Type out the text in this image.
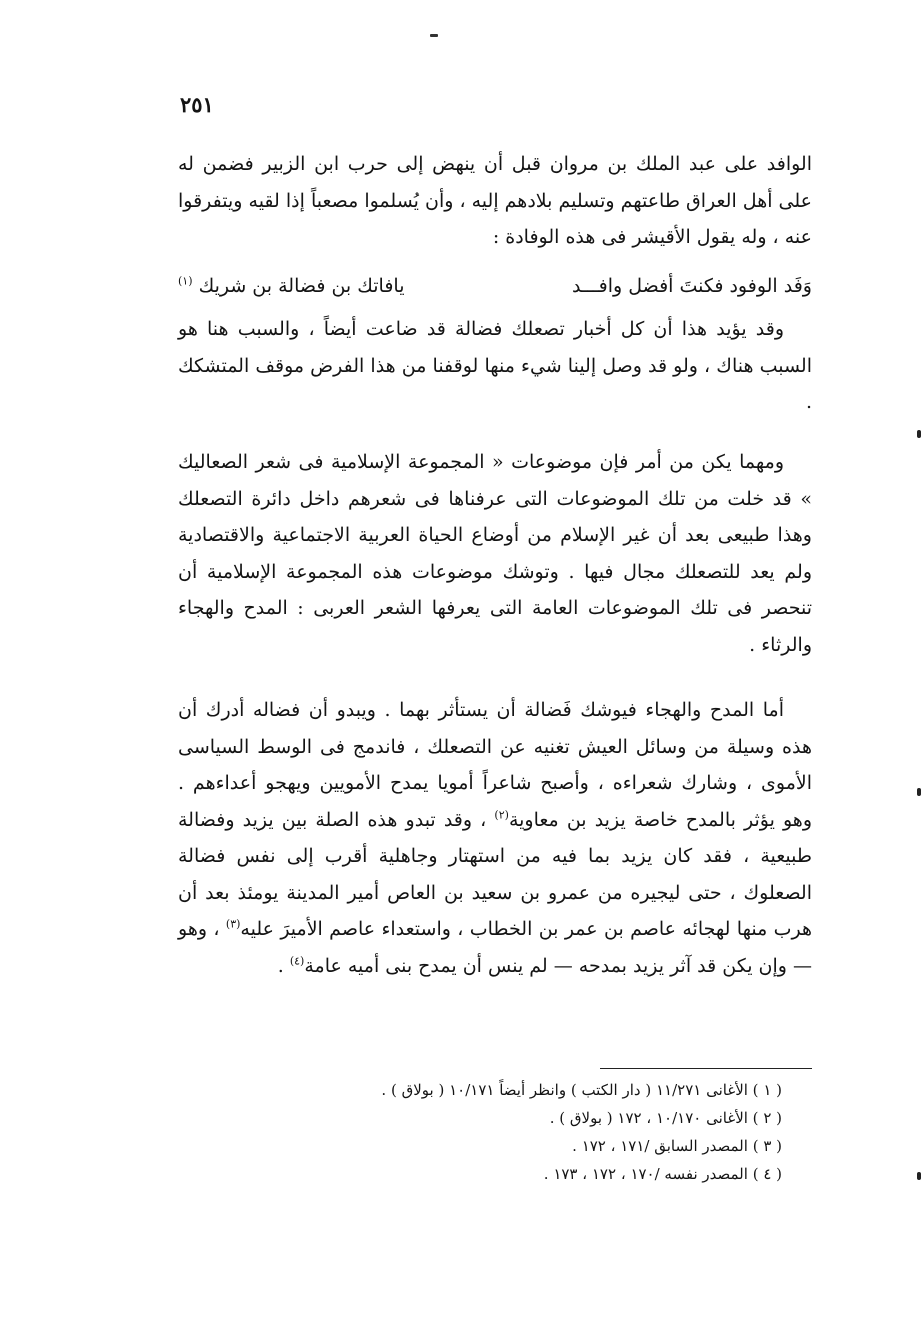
٢٥١

الوافد على عبد الملك بن مروان قبل أن ينهض إلى حرب ابن الزبير فضمن له على أهل العراق طاعتهم وتسليم بلادهم إليه ، وأن يُسلموا مصعباً إذا لقيه ويتفرقوا عنه ، وله يقول الأقيشر فى هذه الوفادة :

وَفَد الوفود فكنتَ أفضل وافـــد
يافاتك بن فضالة بن شريك $^{(١)}$

وقد يؤيد هذا أن كل أخبار تصعلك فضالة قد ضاعت أيضاً ، والسبب هنا هو السبب هناك ، ولو قد وصل إلينا شيء منها لوقفنا من هذا الفرض موقف المتشكك .

ومهما يكن من أمر فإن موضوعات « المجموعة الإسلامية فى شعر الصعاليك » قد خلت من تلك الموضوعات التى عرفناها فى شعرهم داخل دائرة التصعلك وهذا طبيعى بعد أن غير الإسلام من أوضاع الحياة العربية الاجتماعية والاقتصادية ولم يعد للتصعلك مجال فيها . وتوشك موضوعات هذه المجموعة الإسلامية أن تنحصر فى تلك الموضوعات العامة التى يعرفها الشعر العربى : المدح والهجاء والرثاء .

أما المدح والهجاء فيوشك فَضالة أن يستأثر بهما . ويبدو أن فضاله أدرك أن هذه وسيلة من وسائل العيش تغنيه عن التصعلك ، فاندمج فى الوسط السياسى الأموى ، وشارك شعراءه ، وأصبح شاعراً أمويا يمدح الأمويين ويهجو أعداءهم . وهو يؤثر بالمدح خاصة يزيد بن معاوية$^{(٢)}$ ، وقد تبدو هذه الصلة بين يزيد وفضالة طبيعية ، فقد كان يزيد بما فيه من استهتار وجاهلية أقرب إلى نفس فضالة الصعلوك ، حتى ليجيره من عمرو بن سعيد بن العاص أمير المدينة يومئذ بعد أن هرب منها لهجائه عاصم بن عمر بن الخطاب ، واستعداء عاصم الأميرَ عليه$^{(٣)}$ ، وهو — وإن يكن قد آثر يزيد بمدحه — لم ينس أن يمدح بنى أميه عامة$^{(٤)}$ .

( ١ ) الأغانى ١١/٢٧١ ( دار الكتب ) وانظر أيضاً ١٠/١٧١ ( بولاق ) .
( ٢ ) الأغانى ١٠/١٧٠ ، ١٧٢ ( بولاق ) .
( ٣ ) المصدر السابق /١٧١ ، ١٧٢ .
( ٤ ) المصدر نفسه /١٧٠ ، ١٧٢ ، ١٧٣ .
